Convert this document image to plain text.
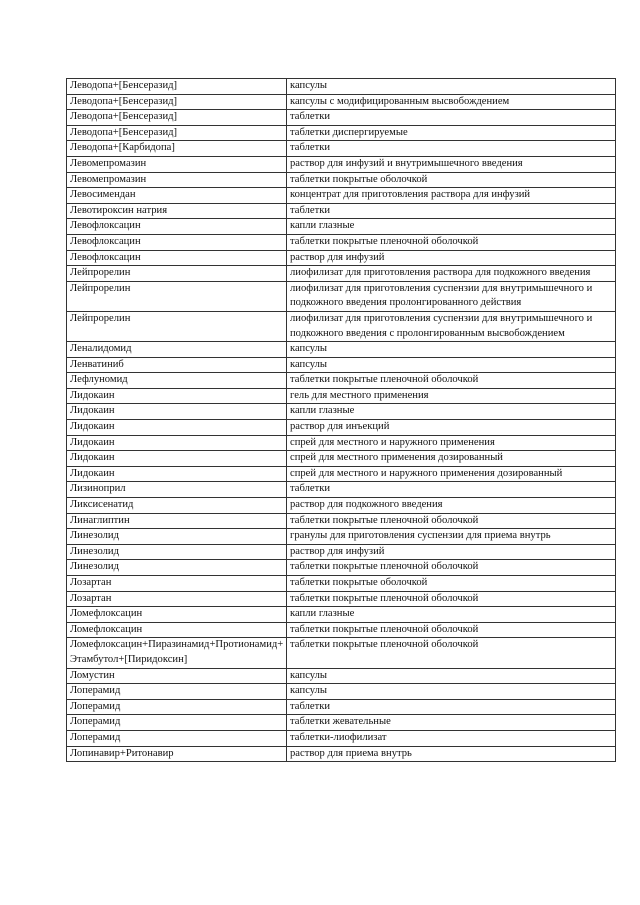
Леводопа+[Бенсеразид]	капсулы
Леводопа+[Бенсеразид]	капсулы с модифицированным высвобождением
Леводопа+[Бенсеразид]	таблетки
Леводопа+[Бенсеразид]	таблетки диспергируемые
Леводопа+[Карбидопа]	таблетки
Левомепромазин	раствор для инфузий и внутримышечного введения
Левомепромазин	таблетки покрытые оболочкой
Левосимендан	концентрат для приготовления раствора для инфузий
Левотироксин натрия	таблетки
Левофлоксацин	капли глазные
Левофлоксацин	таблетки покрытые пленочной оболочкой
Левофлоксацин	раствор для инфузий
Лейпрорелин	лиофилизат для приготовления раствора для подкожного введения
Лейпрорелин	лиофилизат для приготовления суспензии для внутримышечного и подкожного введения пролонгированного действия
Лейпрорелин	лиофилизат для приготовления суспензии для внутримышечного и подкожного введения с пролонгированным высвобождением
Леналидомид	капсулы
Ленватиниб	капсулы
Лефлуномид	таблетки покрытые пленочной оболочкой
Лидокаин	гель для местного применения
Лидокаин	капли глазные
Лидокаин	раствор для инъекций
Лидокаин	спрей для местного и наружного применения
Лидокаин	спрей для местного применения дозированный
Лидокаин	спрей для местного и наружного применения дозированный
Лизиноприл	таблетки
Ликсисенатид	раствор для подкожного введения
Линаглиптин	таблетки покрытые пленочной оболочкой
Линезолид	гранулы для приготовления суспензии для приема внутрь
Линезолид	раствор для инфузий
Линезолид	таблетки покрытые пленочной оболочкой
Лозартан	таблетки покрытые оболочкой
Лозартан	таблетки покрытые пленочной оболочкой
Ломефлоксацин	капли глазные
Ломефлоксацин	таблетки покрытые пленочной оболочкой
Ломефлоксацин+Пиразинамид+Протионамид+Этамбутол+[Пиридоксин]	таблетки покрытые пленочной оболочкой
Ломустин	капсулы
Лоперамид	капсулы
Лоперамид	таблетки
Лоперамид	таблетки жевательные
Лоперамид	таблетки-лиофилизат
Лопинавир+Ритонавир	раствор для приема внутрь
